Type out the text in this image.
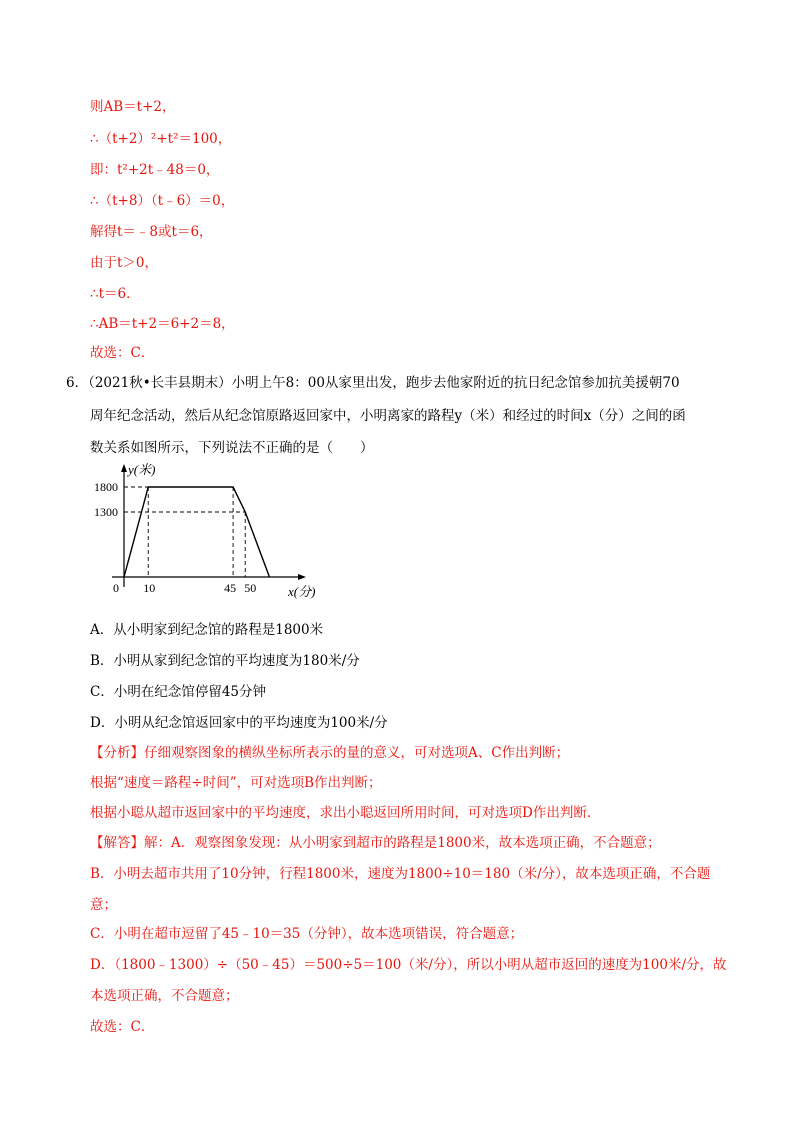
则AB＝t+2，
∴（t+2）²+t²＝100，
即：t²+2t﹣48＝0，
∴（t+8）（t﹣6）＝0，
解得t＝﹣8或t＝6，
由于t＞0，
∴t＝6．
∴AB＝t+2＝6+2＝8，
故选：C．
6．（2021秋•长丰县期末）小明上午8：00从家里出发，跑步去他家附近的抗日纪念馆参加抗美援朝70
周年纪念活动，然后从纪念馆原路返回家中，小明离家的路程y（米）和经过的时间x（分）之间的函
数关系如图所示，下列说法不正确的是（　　）
0 10	45 50
1800
1300
y(米)
x(分)
A．从小明家到纪念馆的路程是1800米
B．小明从家到纪念馆的平均速度为180米/分
C．小明在纪念馆停留45分钟
D．小明从纪念馆返回家中的平均速度为100米/分
【分析】仔细观察图象的横纵坐标所表示的量的意义，可对选项A、C作出判断；
根据“速度＝路程÷时间”，可对选项B作出判断；
根据小聪从超市返回家中的平均速度，求出小聪返回所用时间，可对选项D作出判断．
【解答】解：A．观察图象发现：从小明家到超市的路程是1800米，故本选项正确，不合题意；
B．小明去超市共用了10分钟，行程1800米，速度为1800÷10＝180（米/分），故本选项正确，不合题
意；
C．小明在超市逗留了45﹣10＝35（分钟），故本选项错误，符合题意；
D．（1800﹣1300）÷（50﹣45）＝500÷5＝100（米/分），所以小明从超市返回的速度为100米/分，故
本选项正确，不合题意；
故选：C．
